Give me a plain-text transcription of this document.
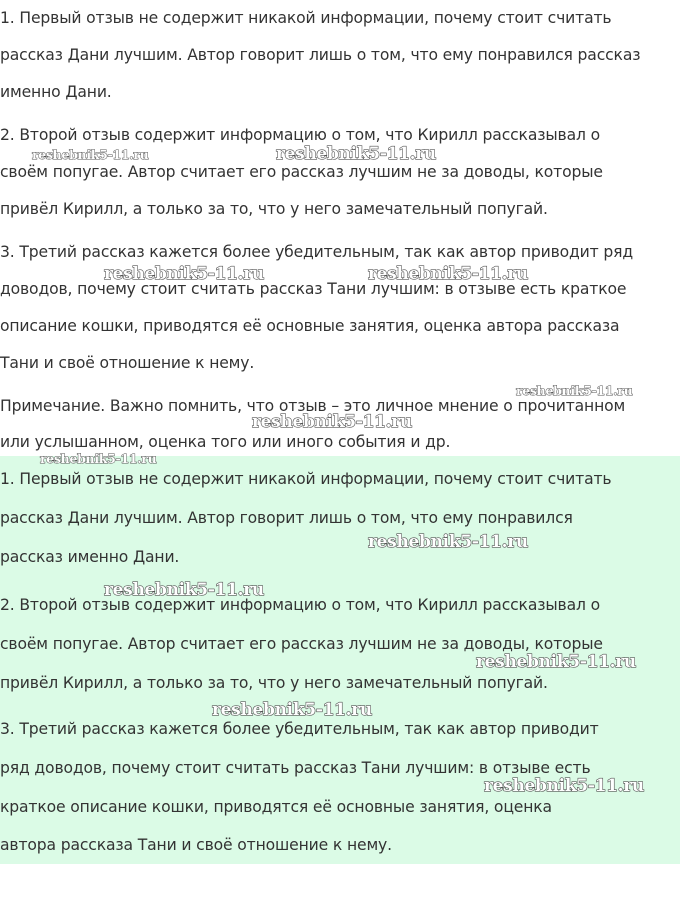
1. Первый отзыв не содержит никакой информации, почему стоит считать
рассказ Дани лучшим. Автор говорит лишь о том, что ему понравился рассказ
именно Дани.
2. Второй отзыв содержит информацию о том, что Кирилл рассказывал о
своём попугае. Автор считает его рассказ лучшим не за доводы, которые
привёл Кирилл, а только за то, что у него замечательный попугай.
3. Третий рассказ кажется более убедительным, так как автор приводит ряд
доводов, почему стоит считать рассказ Тани лучшим: в отзыве есть краткое
описание кошки, приводятся её основные занятия, оценка автора рассказа
Тани и своё отношение к нему.
Примечание. Важно помнить, что отзыв – это личное мнение о прочитанном
или услышанном, оценка того или иного события и др.
1. Первый отзыв не содержит никакой информации, почему стоит считать
рассказ Дани лучшим. Автор говорит лишь о том, что ему понравился
рассказ именно Дани.
2. Второй отзыв содержит информацию о том, что Кирилл рассказывал о
своём попугае. Автор считает его рассказ лучшим не за доводы, которые
привёл Кирилл, а только за то, что у него замечательный попугай.
3. Третий рассказ кажется более убедительным, так как автор приводит
ряд доводов, почему стоит считать рассказ Тани лучшим: в отзыве есть
краткое описание кошки, приводятся её основные занятия, оценка
автора рассказа Тани и своё отношение к нему.
reshebnik5-11.ru	reshebnik5-11.ru
reshebnik5-11.ru	reshebnik5-11.ru
reshebnik5-11.ru
reshebnik5-11.ru
reshebnik5-11.ru
reshebnik5-11.ru
reshebnik5-11.ru
reshebnik5-11.ru
reshebnik5-11.ru
reshebnik5-11.ru
